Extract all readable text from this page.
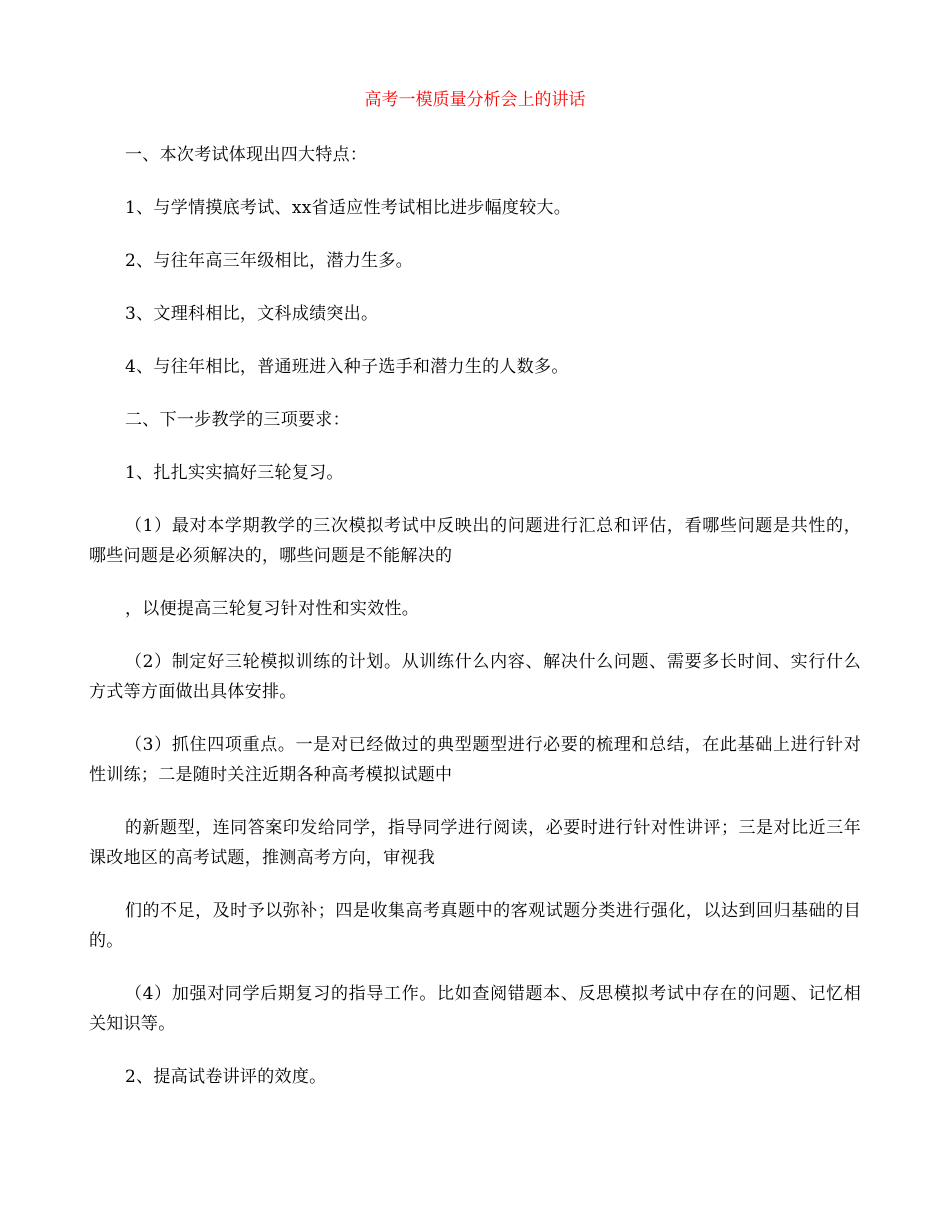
高考一模质量分析会上的讲话

一、本次考试体现出四大特点：

1、与学情摸底考试、xx省适应性考试相比进步幅度较大。

2、与往年高三年级相比，潜力生多。

3、文理科相比，文科成绩突出。

4、与往年相比，普通班进入种子选手和潜力生的人数多。

二、下一步教学的三项要求：

1、扎扎实实搞好三轮复习。

（1）最对本学期教学的三次模拟考试中反映出的问题进行汇总和评估，看哪些问题是共性的，哪些问题是必须解决的，哪些问题是不能解决的

，以便提高三轮复习针对性和实效性。

（2）制定好三轮模拟训练的计划。从训练什么内容、解决什么问题、需要多长时间、实行什么方式等方面做出具体安排。

（3）抓住四项重点。一是对已经做过的典型题型进行必要的梳理和总结，在此基础上进行针对性训练；二是随时关注近期各种高考模拟试题中

的新题型，连同答案印发给同学，指导同学进行阅读，必要时进行针对性讲评；三是对比近三年课改地区的高考试题，推测高考方向，审视我

们的不足，及时予以弥补；四是收集高考真题中的客观试题分类进行强化，以达到回归基础的目的。

（4）加强对同学后期复习的指导工作。比如查阅错题本、反思模拟考试中存在的问题、记忆相关知识等。

2、提高试卷讲评的效度。
